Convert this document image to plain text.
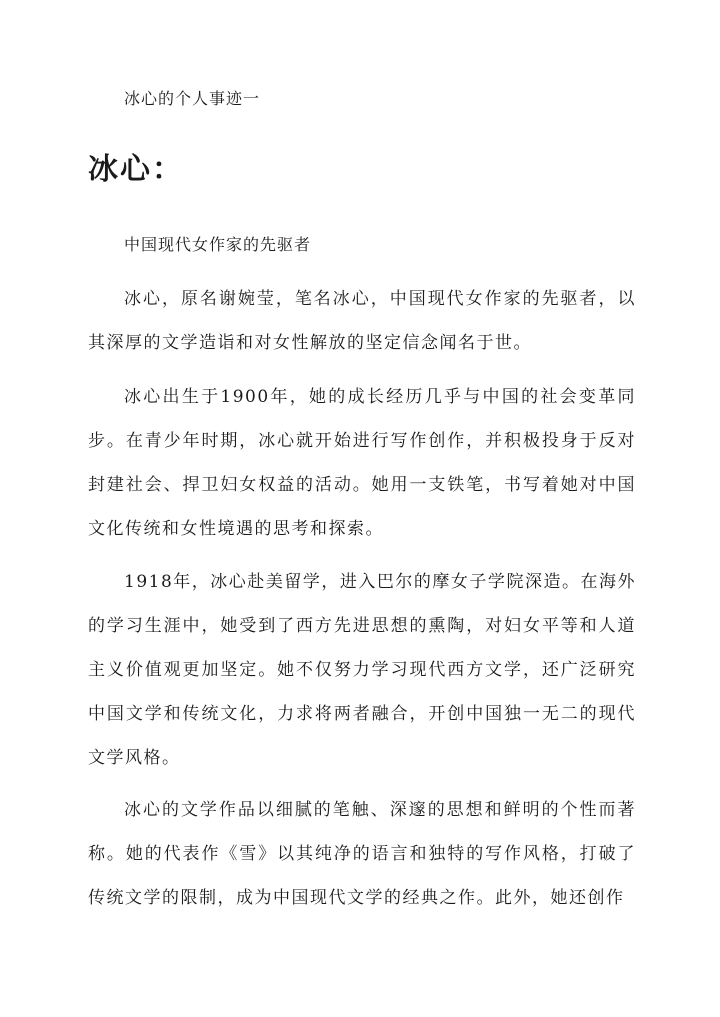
冰心的个人事迹一
冰心：

中国现代女作家的先驱者

冰心，原名谢婉莹，笔名冰心，中国现代女作家的先驱者，以其深厚的文学造诣和对女性解放的坚定信念闻名于世。

冰心出生于1900年，她的成长经历几乎与中国的社会变革同步。在青少年时期，冰心就开始进行写作创作，并积极投身于反对封建社会、捍卫妇女权益的活动。她用一支铁笔，书写着她对中国文化传统和女性境遇的思考和探索。

1918年，冰心赴美留学，进入巴尔的摩女子学院深造。在海外的学习生涯中，她受到了西方先进思想的熏陶，对妇女平等和人道主义价值观更加坚定。她不仅努力学习现代西方文学，还广泛研究中国文学和传统文化，力求将两者融合，开创中国独一无二的现代文学风格。

冰心的文学作品以细腻的笔触、深邃的思想和鲜明的个性而著称。她的代表作《雪》以其纯净的语言和独特的写作风格，打破了传统文学的限制，成为中国现代文学的经典之作。此外，她还创作
